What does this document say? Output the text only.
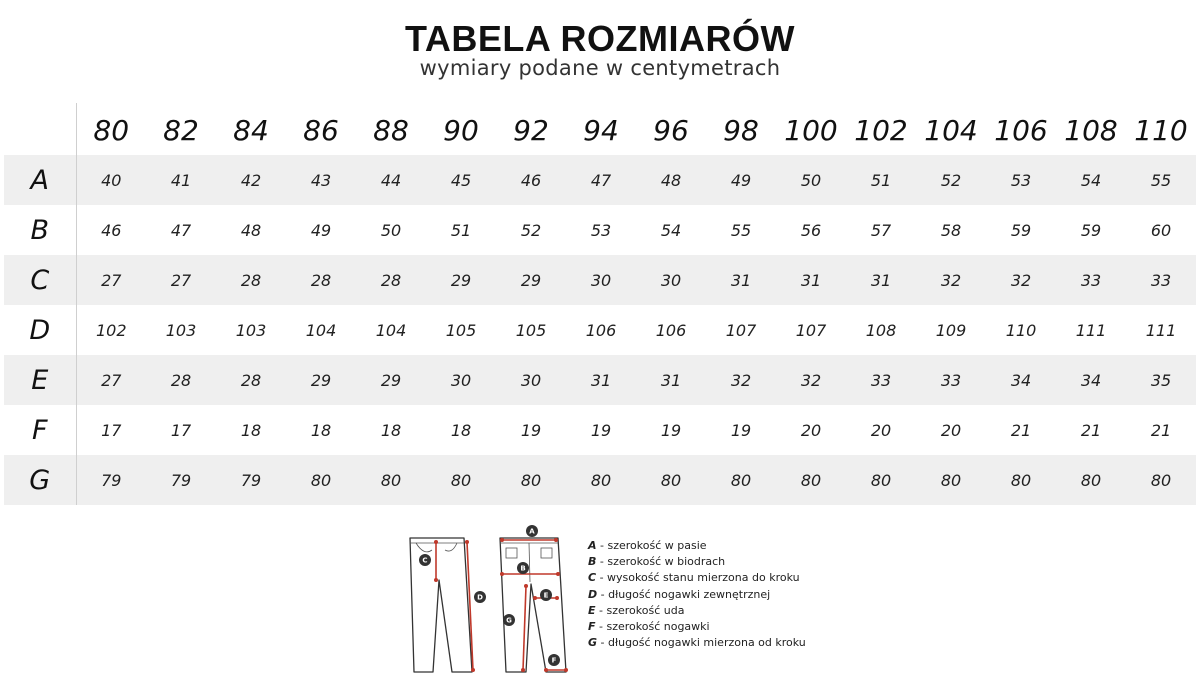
TABELA ROZMIARÓW
wymiary podane w centymetrach
	80	82	84	86	88	90	92	94	96	98	100	102	104	106	108	110
A	40	41	42	43	44	45	46	47	48	49	50	51	52	53	54	55
B	46	47	48	49	50	51	52	53	54	55	56	57	58	59	59	60
C	27	27	28	28	28	29	29	30	30	31	31	31	32	32	33	33
D	102	103	103	104	104	105	105	106	106	107	107	108	109	110	111	111
E	27	28	28	29	29	30	30	31	31	32	32	33	33	34	34	35
F	17	17	18	18	18	18	19	19	19	19	20	20	20	21	21	21
G	79	79	79	80	80	80	80	80	80	80	80	80	80	80	80	80
A
B
C
D	E
G
F
A - szerokość w pasie
B - szerokość w biodrach
C - wysokość stanu mierzona do kroku
D - długość nogawki zewnętrznej
E - szerokość uda
F - szerokość nogawki
G - długość nogawki mierzona od kroku
